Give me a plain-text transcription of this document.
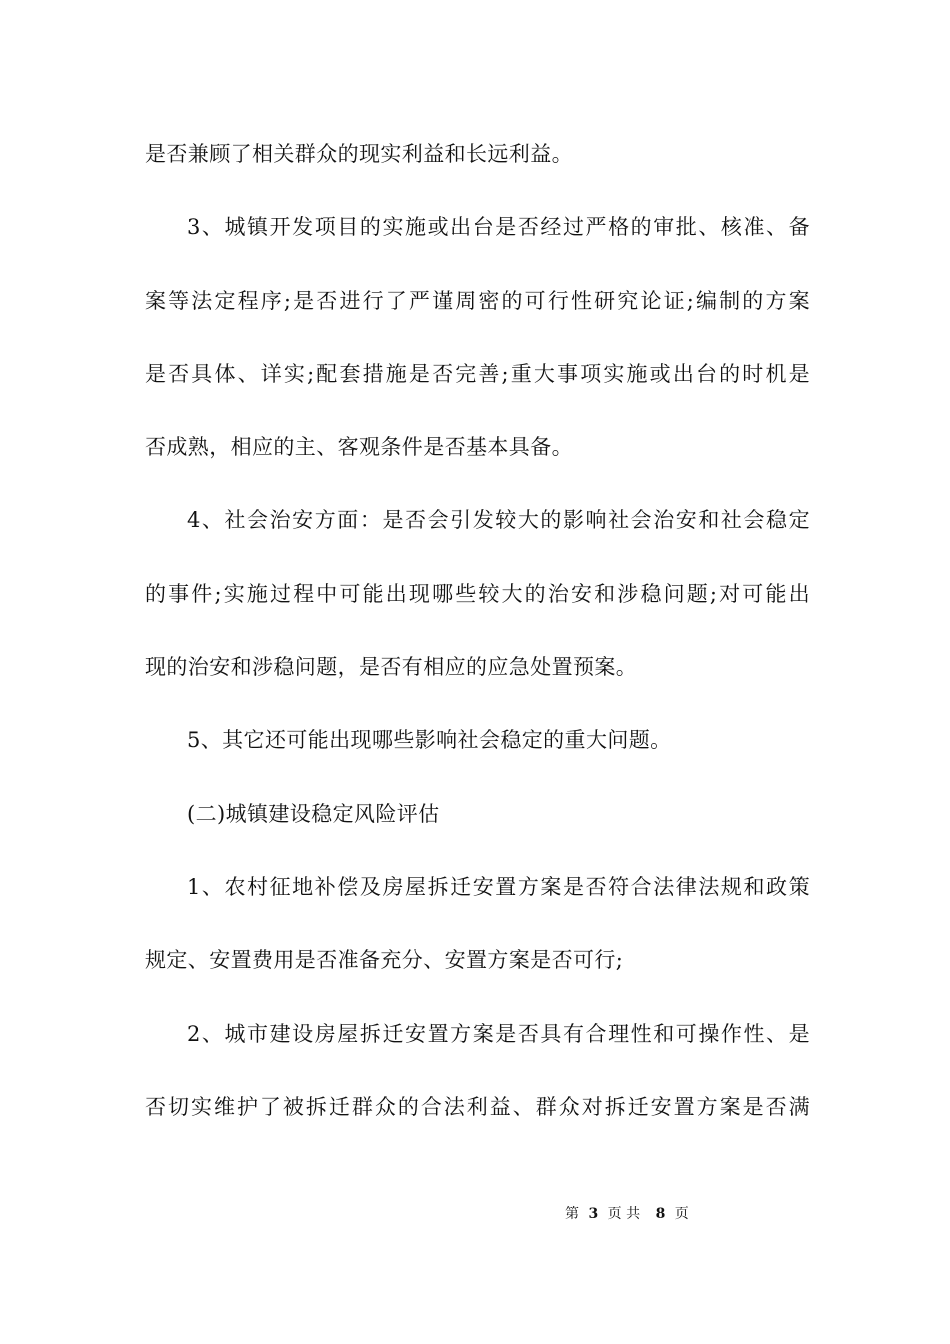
是否兼顾了相关群众的现实利益和长远利益。
3、城镇开发项目的实施或出台是否经过严格的审批、核准、备
案等法定程序;是否进行了严谨周密的可行性研究论证;编制的方案
是否具体、详实;配套措施是否完善;重大事项实施或出台的时机是
否成熟，相应的主、客观条件是否基本具备。
4、社会治安方面：是否会引发较大的影响社会治安和社会稳定
的事件;实施过程中可能出现哪些较大的治安和涉稳问题;对可能出
现的治安和涉稳问题，是否有相应的应急处置预案。
5、其它还可能出现哪些影响社会稳定的重大问题。
(二)城镇建设稳定风险评估
1、农村征地补偿及房屋拆迁安置方案是否符合法律法规和政策
规定、安置费用是否准备充分、安置方案是否可行;
2、城市建设房屋拆迁安置方案是否具有合理性和可操作性、是
否切实维护了被拆迁群众的合法利益、群众对拆迁安置方案是否满
第 3 页 共 8 页
